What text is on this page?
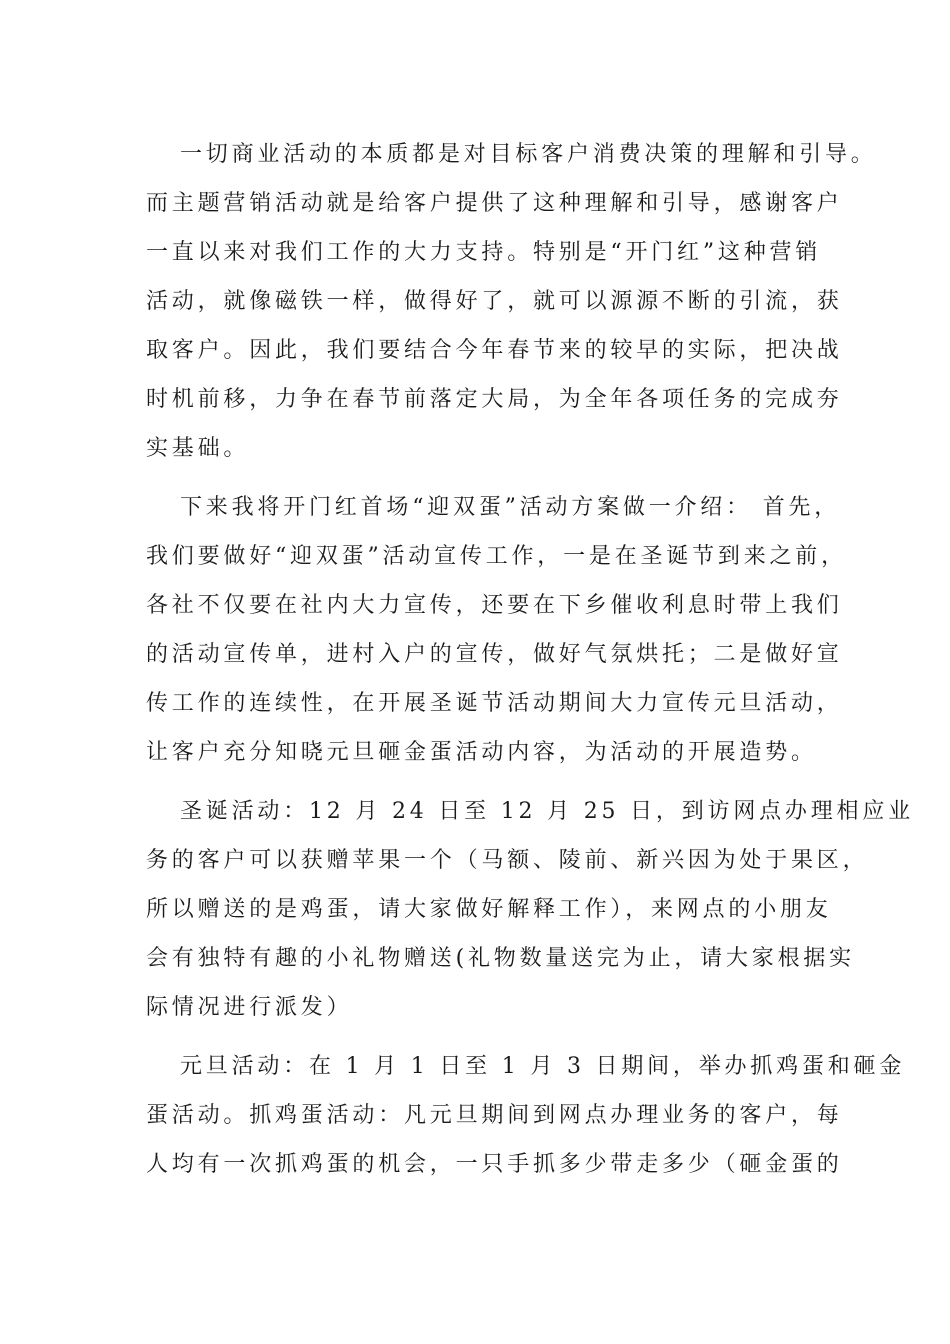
一切商业活动的本质都是对目标客户消费决策的理解和引导。
而主题营销活动就是给客户提供了这种理解和引导，感谢客户
一直以来对我们工作的大力支持。特别是“开门红”这种营销
活动，就像磁铁一样，做得好了，就可以源源不断的引流，获
取客户。因此，我们要结合今年春节来的较早的实际，把决战
时机前移，力争在春节前落定大局，为全年各项任务的完成夯
实基础。

下来我将开门红首场“迎双蛋”活动方案做一介绍： 首先，
我们要做好“迎双蛋”活动宣传工作，一是在圣诞节到来之前，
各社不仅要在社内大力宣传，还要在下乡催收利息时带上我们
的活动宣传单，进村入户的宣传，做好气氛烘托；二是做好宣
传工作的连续性，在开展圣诞节活动期间大力宣传元旦活动，
让客户充分知晓元旦砸金蛋活动内容，为活动的开展造势。

圣诞活动：12 月 24 日至 12 月 25 日，到访网点办理相应业
务的客户可以获赠苹果一个（马额、陵前、新兴因为处于果区，
所以赠送的是鸡蛋，请大家做好解释工作），来网点的小朋友
会有独特有趣的小礼物赠送(礼物数量送完为止，请大家根据实
际情况进行派发）

元旦活动：在 1 月 1 日至 1 月 3 日期间，举办抓鸡蛋和砸金
蛋活动。抓鸡蛋活动：凡元旦期间到网点办理业务的客户，每
人均有一次抓鸡蛋的机会，一只手抓多少带走多少（砸金蛋的
